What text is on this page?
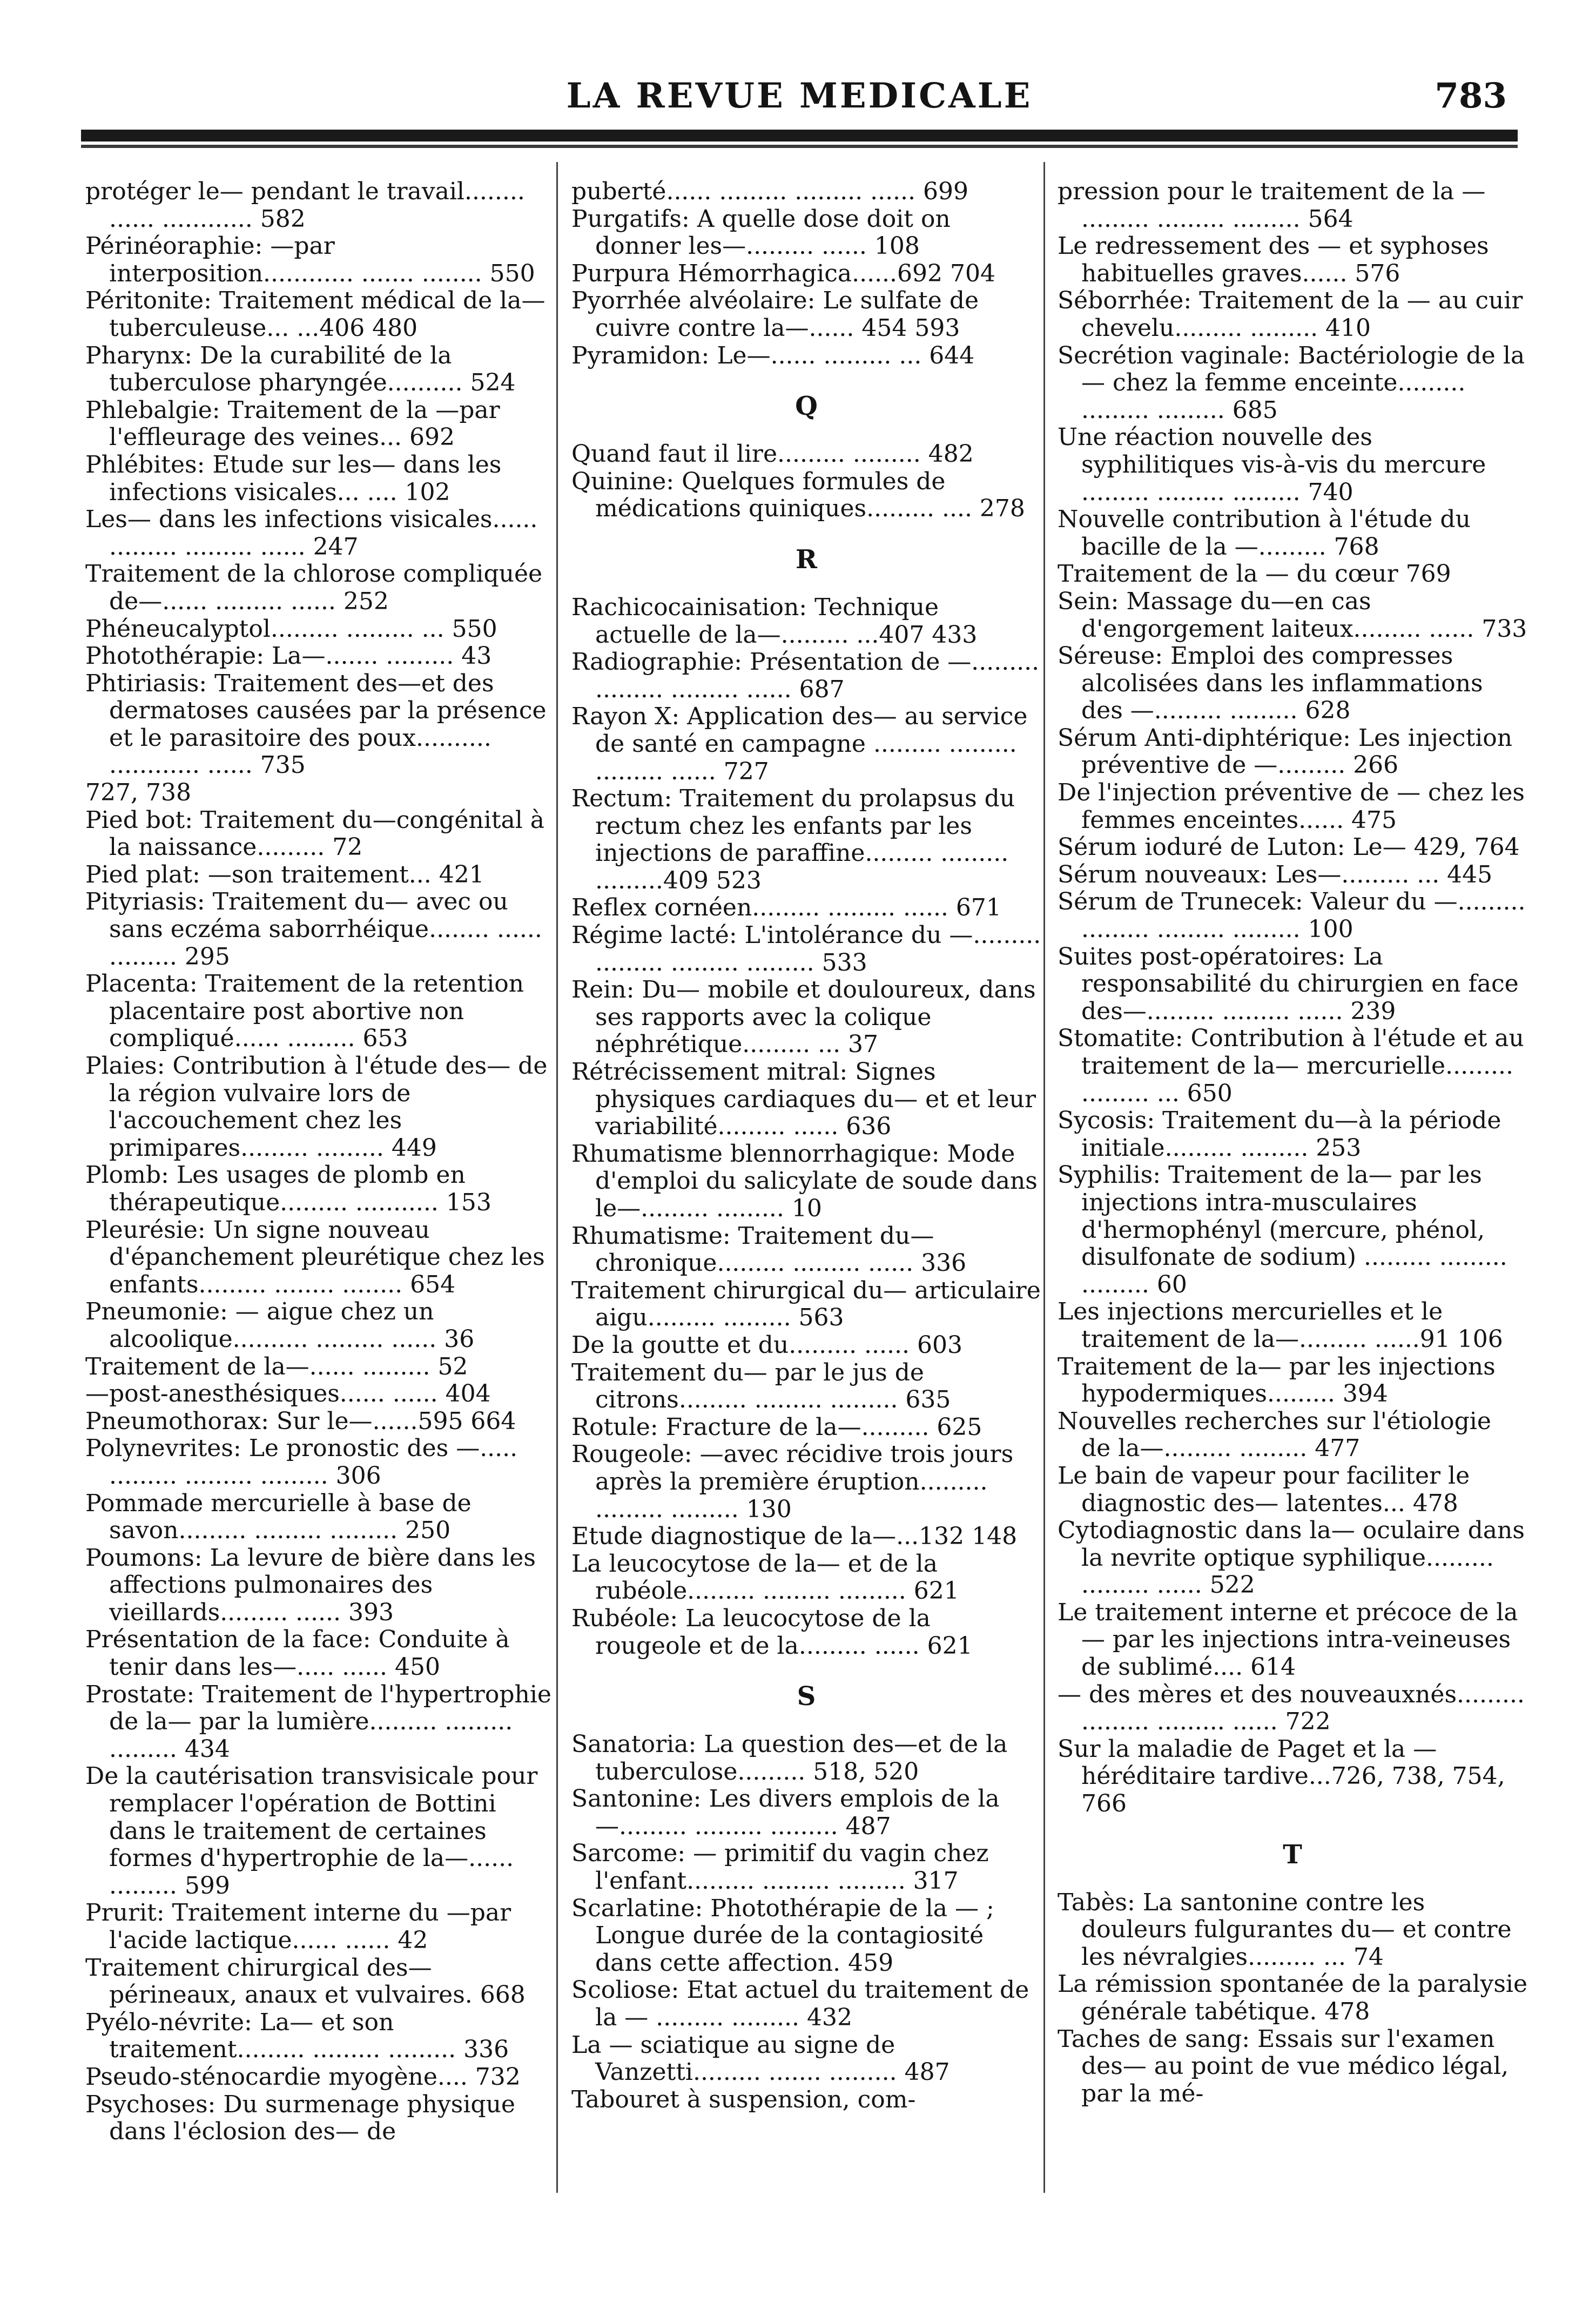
LA REVUE MEDICALE	783

protéger le— pendant le travail........ ...... ............ 582

Périnéoraphie: —par interposition............ ....... ........ 550

Péritonite: Traitement médical de la— tuberculeuse... ...406 480

Pharynx: De la curabilité de la tuberculose pharyngée.......... 524

Phlebalgie: Traitement de la —par l'effleurage des veines... 692

Phlébites: Etude sur les— dans les infections visicales... .... 102

Les— dans les infections visicales...... ......... ......... ...... 247

Traitement de la chlorose compliquée de—...... ......... ...... 252

Phéneucalyptol......... ......... ... 550

Photothérapie: La—....... ......... 43

Phtiriasis: Traitement des—et des dermatoses causées par la présence et le parasitoire des poux.......... ............ ...... 735

727, 738

Pied bot: Traitement du—congénital à la naissance......... 72

Pied plat: —son traitement... 421

Pityriasis: Traitement du— avec ou sans eczéma saborrhéique........ ...... ......... 295

Placenta: Traitement de la retention placentaire post abortive non compliqué...... ......... 653

Plaies: Contribution à l'étude des— de la région vulvaire lors de l'accouchement chez les primipares......... ......... 449

Plomb: Les usages de plomb en thérapeutique......... ........... 153

Pleurésie: Un signe nouveau d'épanchement pleurétique chez les enfants......... ........ ........ 654

Pneumonie: — aigue chez un alcoolique.......... ......... ...... 36

Traitement de la—...... ......... 52

—post-anesthésiques...... ...... 404

Pneumothorax: Sur le—......595 664

Polynevrites: Le pronostic des —..... ......... ......... ......... 306

Pommade mercurielle à base de savon......... ......... ......... 250

Poumons: La levure de bière dans les affections pulmonaires des vieillards......... ...... 393

Présentation de la face: Conduite à tenir dans les—..... ...... 450

Prostate: Traitement de l'hypertrophie de la— par la lumière......... ......... ......... 434

De la cautérisation transvisicale pour remplacer l'opération de Bottini dans le traitement de certaines formes d'hypertrophie de la—...... ......... 599

Prurit: Traitement interne du —par l'acide lactique...... ...... 42

Traitement chirurgical des— périneaux, anaux et vulvaires. 668

Pyélo-névrite: La— et son traitement......... ......... ......... 336

Pseudo-sténocardie myogène.... 732

Psychoses: Du surmenage physique dans l'éclosion des— de

puberté...... ......... ......... ...... 699

Purgatifs: A quelle dose doit on donner les—......... ...... 108

Purpura Hémorrhagica......692 704

Pyorrhée alvéolaire: Le sulfate de cuivre contre la—...... 454 593

Pyramidon: Le—...... ......... ... 644

Q

Quand faut il lire......... ......... 482

Quinine: Quelques formules de médications quiniques......... .... 278

R

Rachicocainisation: Technique actuelle de la—......... ...407 433

Radiographie: Présentation de —......... ......... ......... ...... 687

Rayon X: Application des— au service de santé en campagne ......... ......... ......... ...... 727

Rectum: Traitement du prolapsus du rectum chez les enfants par les injections de paraffine......... ......... .........409 523

Reflex cornéen......... ......... ...... 671

Régime lacté: L'intolérance du —......... ......... ......... ......... 533

Rein: Du— mobile et douloureux, dans ses rapports avec la colique néphrétique......... ... 37

Rétrécissement mitral: Signes physiques cardiaques du— et et leur variabilité......... ...... 636

Rhumatisme blennorrhagique: Mode d'emploi du salicylate de soude dans le—......... ......... 10

Rhumatisme: Traitement du—chronique......... ......... ...... 336

Traitement chirurgical du— articulaire aigu......... ......... 563

De la goutte et du......... ...... 603

Traitement du— par le jus de citrons......... ......... ......... 635

Rotule: Fracture de la—......... 625

Rougeole: —avec récidive trois jours après la première éruption......... ......... ......... 130

Etude diagnostique de la—...132 148

La leucocytose de la— et de la rubéole......... ......... ......... 621

Rubéole: La leucocytose de la rougeole et de la......... ...... 621

S

Sanatoria: La question des—et de la tuberculose......... 518, 520

Santonine: Les divers emplois de la —......... ......... ......... 487

Sarcome: — primitif du vagin chez l'enfant......... ......... ......... 317

Scarlatine: Photothérapie de la — ; Longue durée de la contagiosité dans cette affection. 459

Scoliose: Etat actuel du traitement de la — ......... ......... 432

La — sciatique au signe de Vanzetti......... ....... ......... 487

Tabouret à suspension, com-

pression pour le traitement de la — ......... ......... ......... 564

Le redressement des — et syphoses habituelles graves...... 576

Séborrhée: Traitement de la — au cuir chevelu......... ......... 410

Secrétion vaginale: Bactériologie de la — chez la femme enceinte......... ......... ......... 685

Une réaction nouvelle des syphilitiques vis-à-vis du mercure ......... ......... ......... 740

Nouvelle contribution à l'étude du bacille de la —......... 768

Traitement de la — du cœur 769

Sein: Massage du—en cas d'engorgement laiteux......... ...... 733

Séreuse: Emploi des compresses alcolisées dans les inflammations des —......... ......... 628

Sérum Anti-diphtérique: Les injection préventive de —......... 266

De l'injection préventive de — chez les femmes enceintes...... 475

Sérum ioduré de Luton: Le— 429, 764

Sérum nouveaux: Les—......... ... 445

Sérum de Trunecek: Valeur du —......... ......... ......... ......... 100

Suites post-opératoires: La responsabilité du chirurgien en face des—......... ......... ...... 239

Stomatite: Contribution à l'étude et au traitement de la— mercurielle......... ......... ... 650

Sycosis: Traitement du—à la période initiale......... ......... 253

Syphilis: Traitement de la— par les injections intra-musculaires d'hermophényl (mercure, phénol, disulfonate de sodium) ......... ......... ......... 60

Les injections mercurielles et le traitement de la—......... ......91 106

Traitement de la— par les injections hypodermiques......... 394

Nouvelles recherches sur l'étiologie de la—......... ......... 477

Le bain de vapeur pour faciliter le diagnostic des— latentes... 478

Cytodiagnostic dans la— oculaire dans la nevrite optique syphilique......... ......... ...... 522

Le traitement interne et précoce de la— par les injections intra-veineuses de sublimé.... 614

— des mères et des nouveauxnés......... ......... ......... ...... 722

Sur la maladie de Paget et la —héréditaire tardive...726, 738, 754, 766

T

Tabès: La santonine contre les douleurs fulgurantes du— et contre les névralgies......... ... 74

La rémission spontanée de la paralysie générale tabétique. 478

Taches de sang: Essais sur l'examen des— au point de vue médico légal, par la mé-
